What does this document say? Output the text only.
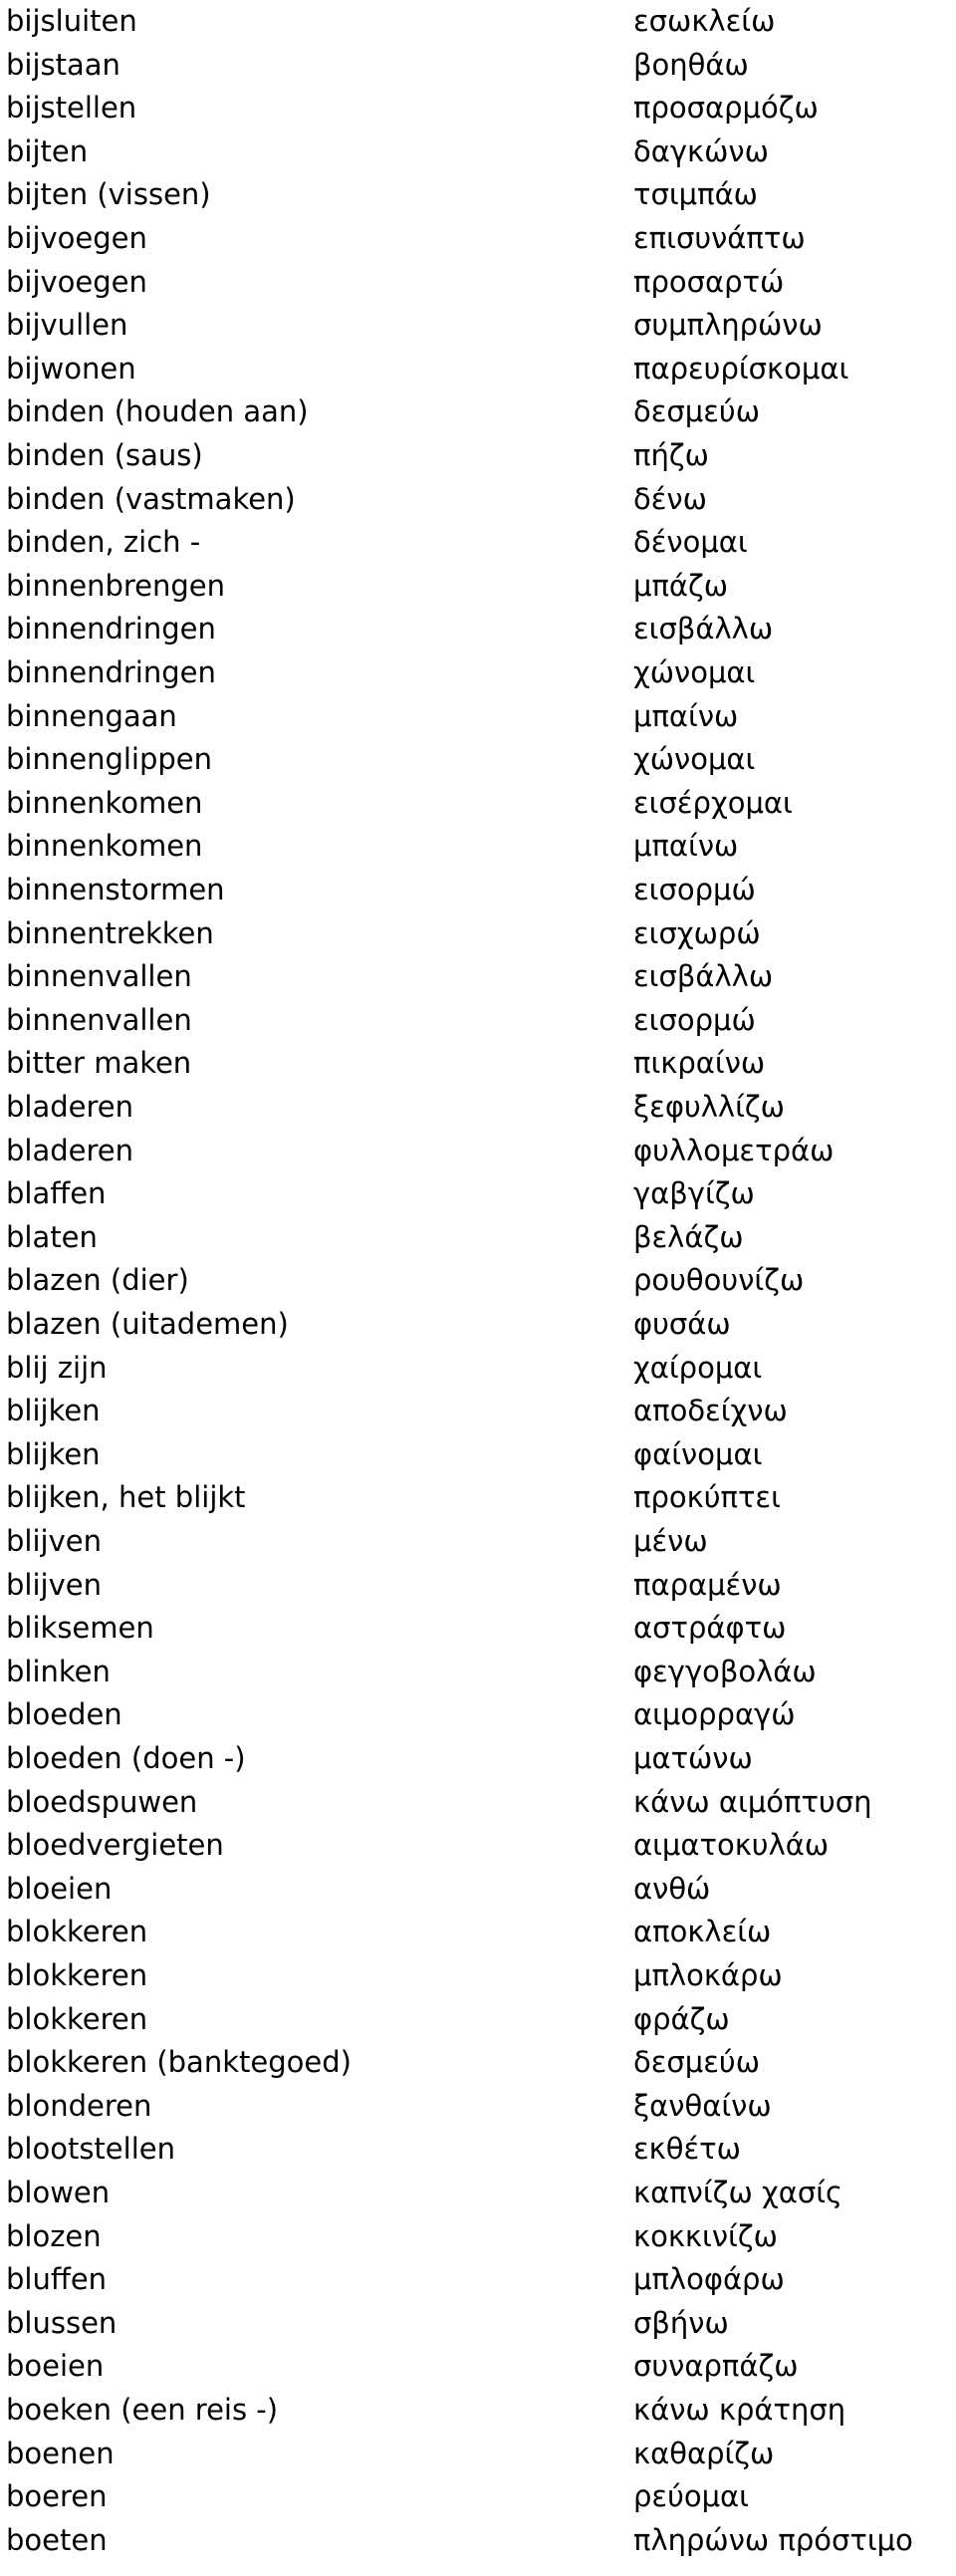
bijsluiten	εσωκλείω
bijstaan	βοηθάω
bijstellen	προσαρμόζω
bijten	δαγκώνω
bijten (vissen)	τσιμπάω
bijvoegen	επισυνάπτω
bijvoegen	προσαρτώ
bijvullen	συμπληρώνω
bijwonen	παρευρίσκομαι
binden (houden aan)	δεσμεύω
binden (saus)	πήζω
binden (vastmaken)	δένω
binden, zich -	δένομαι
binnenbrengen	μπάζω
binnendringen	εισβάλλω
binnendringen	χώνομαι
binnengaan	μπαίνω
binnenglippen	χώνομαι
binnenkomen	εισέρχομαι
binnenkomen	μπαίνω
binnenstormen	εισορμώ
binnentrekken	εισχωρώ
binnenvallen	εισβάλλω
binnenvallen	εισορμώ
bitter maken	πικραίνω
bladeren	ξεφυλλίζω
bladeren	φυλλομετράω
blaffen	γαβγίζω
blaten	βελάζω
blazen (dier)	ρουθουνίζω
blazen (uitademen)	φυσάω
blij zijn	χαίρομαι
blijken	αποδείχνω
blijken	φαίνομαι
blijken, het blijkt	προκύπτει
blijven	μένω
blijven	παραμένω
bliksemen	αστράφτω
blinken	φεγγοβολάω
bloeden	αιμορραγώ
bloeden (doen -)	ματώνω
bloedspuwen	κάνω αιμόπτυση
bloedvergieten	αιματοκυλάω
bloeien	ανθώ
blokkeren	αποκλείω
blokkeren	μπλοκάρω
blokkeren	φράζω
blokkeren (banktegoed)	δεσμεύω
blonderen	ξανθαίνω
blootstellen	εκθέτω
blowen	καπνίζω χασίς
blozen	κοκκινίζω
bluffen	μπλοφάρω
blussen	σβήνω
boeien	συναρπάζω
boeken (een reis -)	κάνω κράτηση
boenen	καθαρίζω
boeren	ρεύομαι
boeten	πληρώνω πρόστιμο
